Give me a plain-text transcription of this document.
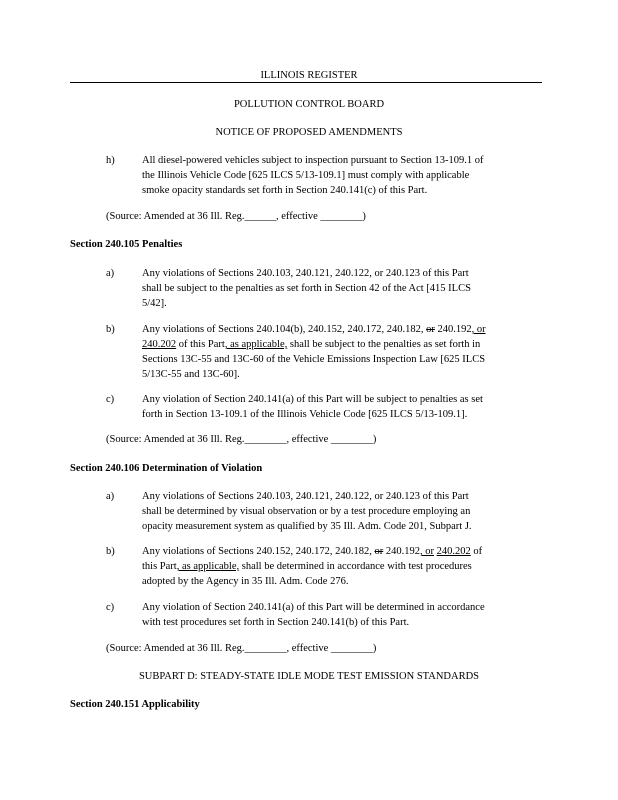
ILLINOIS REGISTER
POLLUTION CONTROL BOARD
NOTICE OF PROPOSED AMENDMENTS
h)	All diesel-powered vehicles subject to inspection pursuant to Section 13-109.1 of
the Illinois Vehicle Code [625 ILCS 5/13-109.1] must comply with applicable
smoke opacity standards set forth in Section 240.141(c) of this Part.
(Source: Amended at 36 Ill. Reg.______, effective ________)
Section 240.105 Penalties
a)	Any violations of Sections 240.103, 240.121, 240.122, or 240.123 of this Part
shall be subject to the penalties as set forth in Section 42 of the Act [415 ILCS
5/42].
b)	Any violations of Sections 240.104(b), 240.152, 240.172, 240.182, or 240.192, or
240.202 of this Part, as applicable, shall be subject to the penalties as set forth in
Sections 13C-55 and 13C-60 of the Vehicle Emissions Inspection Law [625 ILCS
5/13C-55 and 13C-60].
c)	Any violation of Section 240.141(a) of this Part will be subject to penalties as set
forth in Section 13-109.1 of the Illinois Vehicle Code [625 ILCS 5/13-109.1].
(Source: Amended at 36 Ill. Reg.________, effective ________)
Section 240.106 Determination of Violation
a)	Any violations of Sections 240.103, 240.121, 240.122, or 240.123 of this Part
shall be determined by visual observation or by a test procedure employing an
opacity measurement system as qualified by 35 Ill. Adm. Code 201, Subpart J.
b)	Any violations of Sections 240.152, 240.172, 240.182, or 240.192, or 240.202 of
this Part, as applicable, shall be determined in accordance with test procedures
adopted by the Agency in 35 Ill. Adm. Code 276.
c)	Any violation of Section 240.141(a) of this Part will be determined in accordance
with test procedures set forth in Section 240.141(b) of this Part.
(Source: Amended at 36 Ill. Reg.________, effective ________)
SUBPART D: STEADY-STATE IDLE MODE TEST EMISSION STANDARDS
Section 240.151 Applicability
